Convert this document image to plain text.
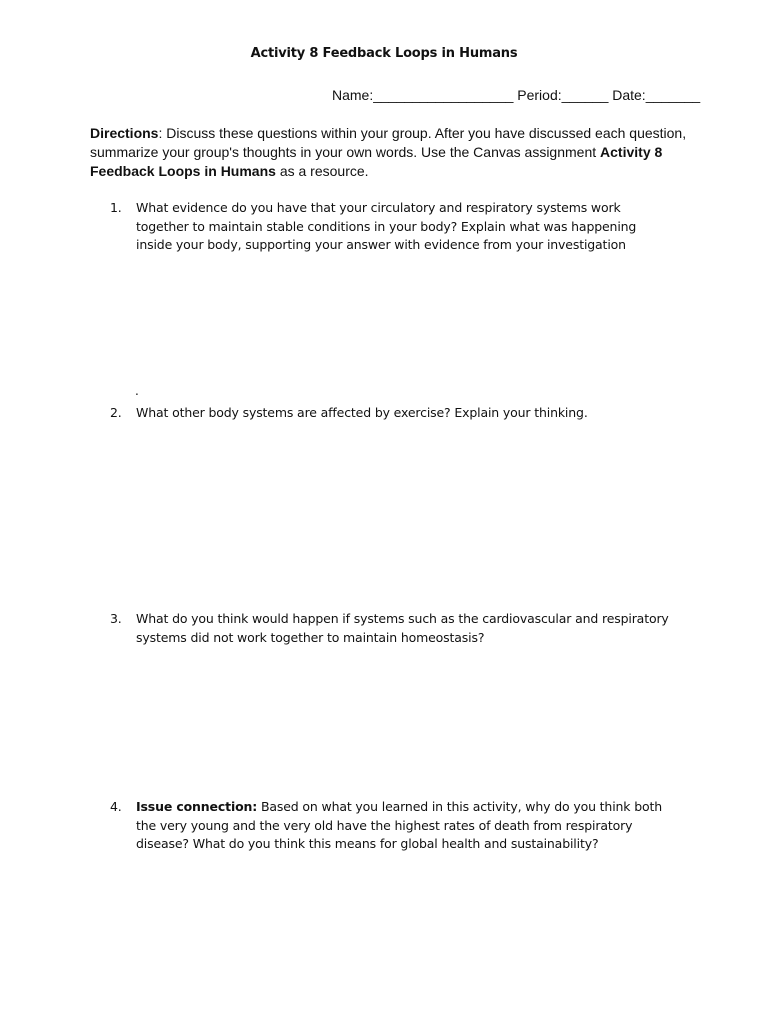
Activity 8 Feedback Loops in Humans
Name:__________________ Period:______ Date:_______
Directions: Discuss these questions within your group. After you have discussed each question, summarize your group's thoughts in your own words. Use the Canvas assignment Activity 8 Feedback Loops in Humans as a resource.
1.	What evidence do you have that your circulatory and respiratory systems work together to maintain stable conditions in your body? Explain what was happening inside your body, supporting your answer with evidence from your investigation
.
2.	What other body systems are affected by exercise? Explain your thinking.
3.	What do you think would happen if systems such as the cardiovascular and respiratory systems did not work together to maintain homeostasis?
4.	Issue connection: Based on what you learned in this activity, why do you think both the very young and the very old have the highest rates of death from respiratory disease? What do you think this means for global health and sustainability?
